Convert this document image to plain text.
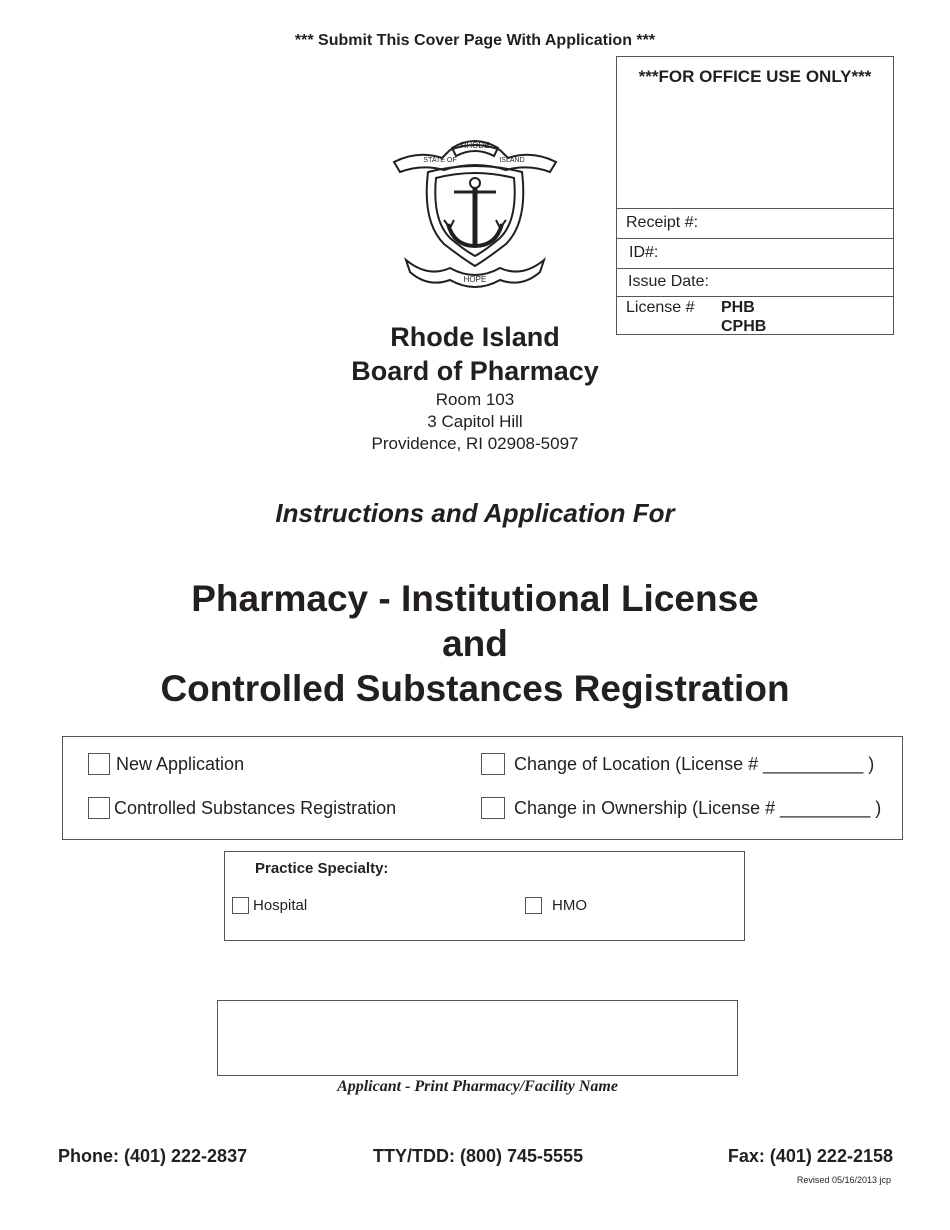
*** Submit This Cover Page With Application ***
***FOR OFFICE USE ONLY***
Receipt #:
ID#:
Issue Date:
License # PHB
CPHB
RHODE
STATE OF	ISLAND
HOPE
Rhode Island
Board of Pharmacy
Room 103
3 Capitol Hill
Providence, RI 02908-5097
Instructions and Application For
Pharmacy - Institutional License
and
Controlled Substances Registration
New Application
Controlled Substances Registration
Change of Location (License # __________ )
Change in Ownership (License # _________ )
Practice Specialty:
Hospital	HMO
Applicant - Print Pharmacy/Facility Name
Phone: (401) 222-2837	TTY/TDD: (800) 745-5555	Fax: (401) 222-2158
Revised 05/16/2013 jcp
